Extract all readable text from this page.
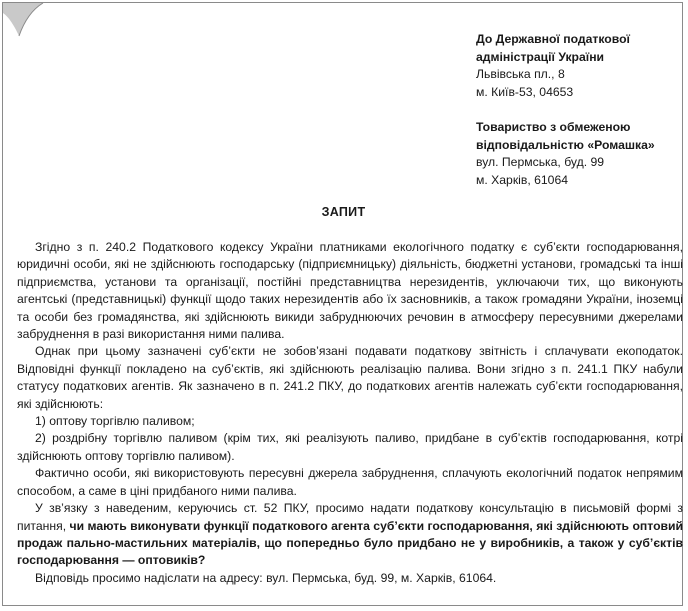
До Державної податкової
адміністрації України
Львівська пл., 8
м. Київ-53, 04653
Товариство з обмеженою
відповідальністю «Ромашка»
вул. Пермська, буд. 99
м. Харків, 61064
ЗАПИТ

Згідно з п. 240.2 Податкового кодексу України платниками екологічного податку є суб’єкти господарювання, юридичні особи, які не здійснюють господарську (підприємницьку) діяльність, бюджетні установи, громадські та інші підприємства, установи та організації, постійні представництва нерезидентів, уключаючи тих, що виконують агентські (представницькі) функції щодо таких нерезидентів або їх засновників, а також громадяни України, іноземці та особи без громадянства, які здійснюють викиди забруднюючих речовин в атмосферу пересувними джерелами забруднення в разі використання ними палива.

Однак при цьому зазначені суб’єкти не зобов’язані подавати податкову звітність і сплачувати екоподаток. Відповідні функції покладено на суб’єктів, які здійснюють реалізацію палива. Вони згідно з п. 241.1 ПКУ набули статусу податкових агентів. Як зазначено в п. 241.2 ПКУ, до податкових агентів належать суб’єкти господарювання, які здійснюють:

1) оптову торгівлю паливом;

2) роздрібну торгівлю паливом (крім тих, які реалізують паливо, придбане в суб’єктів господарювання, котрі здійснюють оптову торгівлю паливом).

Фактично особи, які використовують пересувні джерела забруднення, сплачують екологічний податок непрямим способом, а саме в ціні придбаного ними палива.

У зв’язку з наведеним, керуючись ст. 52 ПКУ, просимо надати податкову консультацію в письмовій формі з питання, чи мають виконувати функції податкового агента суб’єкти господарювання, які здійснюють оптовий продаж пально-мастильних матеріалів, що попередньо було придбано не у виробників, а також у суб’єктів господарювання — оптовиків?

Відповідь просимо надіслати на адресу: вул. Пермська, буд. 99, м. Харків, 61064.
